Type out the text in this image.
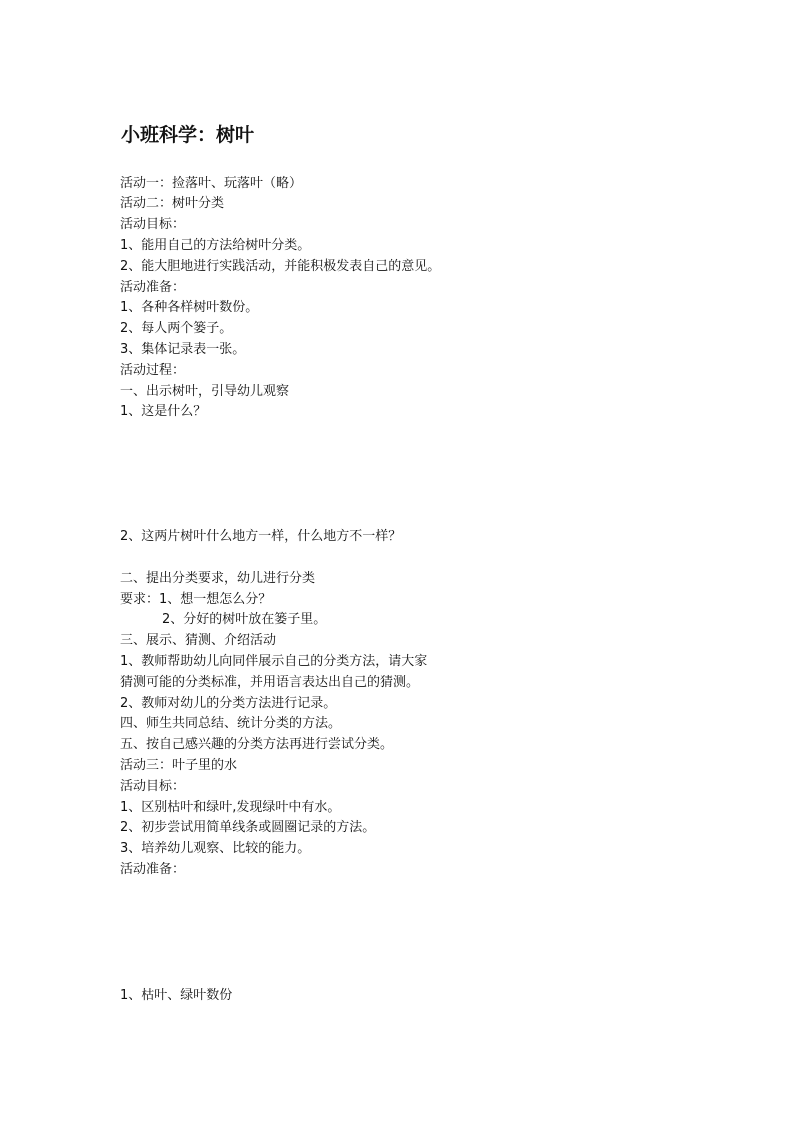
小班科学：树叶
活动一：捡落叶、玩落叶（略）
活动二：树叶分类
活动目标：
1、能用自己的方法给树叶分类。
2、能大胆地进行实践活动，并能积极发表自己的意见。
活动准备：
1、各种各样树叶数份。
2、每人两个篓子。
3、集体记录表一张。
活动过程：
一、出示树叶，引导幼儿观察
1、这是什么？
2、这两片树叶什么地方一样，什么地方不一样？
二、提出分类要求，幼儿进行分类
要求：1、想一想怎么分？
2、分好的树叶放在篓子里。
三、展示、猜测、介绍活动
1、教师帮助幼儿向同伴展示自己的分类方法，请大家
猜测可能的分类标准，并用语言表达出自己的猜测。
2、教师对幼儿的分类方法进行记录。
四、师生共同总结、统计分类的方法。
五、按自己感兴趣的分类方法再进行尝试分类。
活动三：叶子里的水
活动目标：
1、区别枯叶和绿叶,发现绿叶中有水。
2、初步尝试用简单线条或圆圈记录的方法。
3、培养幼儿观察、比较的能力。
活动准备：
1、枯叶、绿叶数份
